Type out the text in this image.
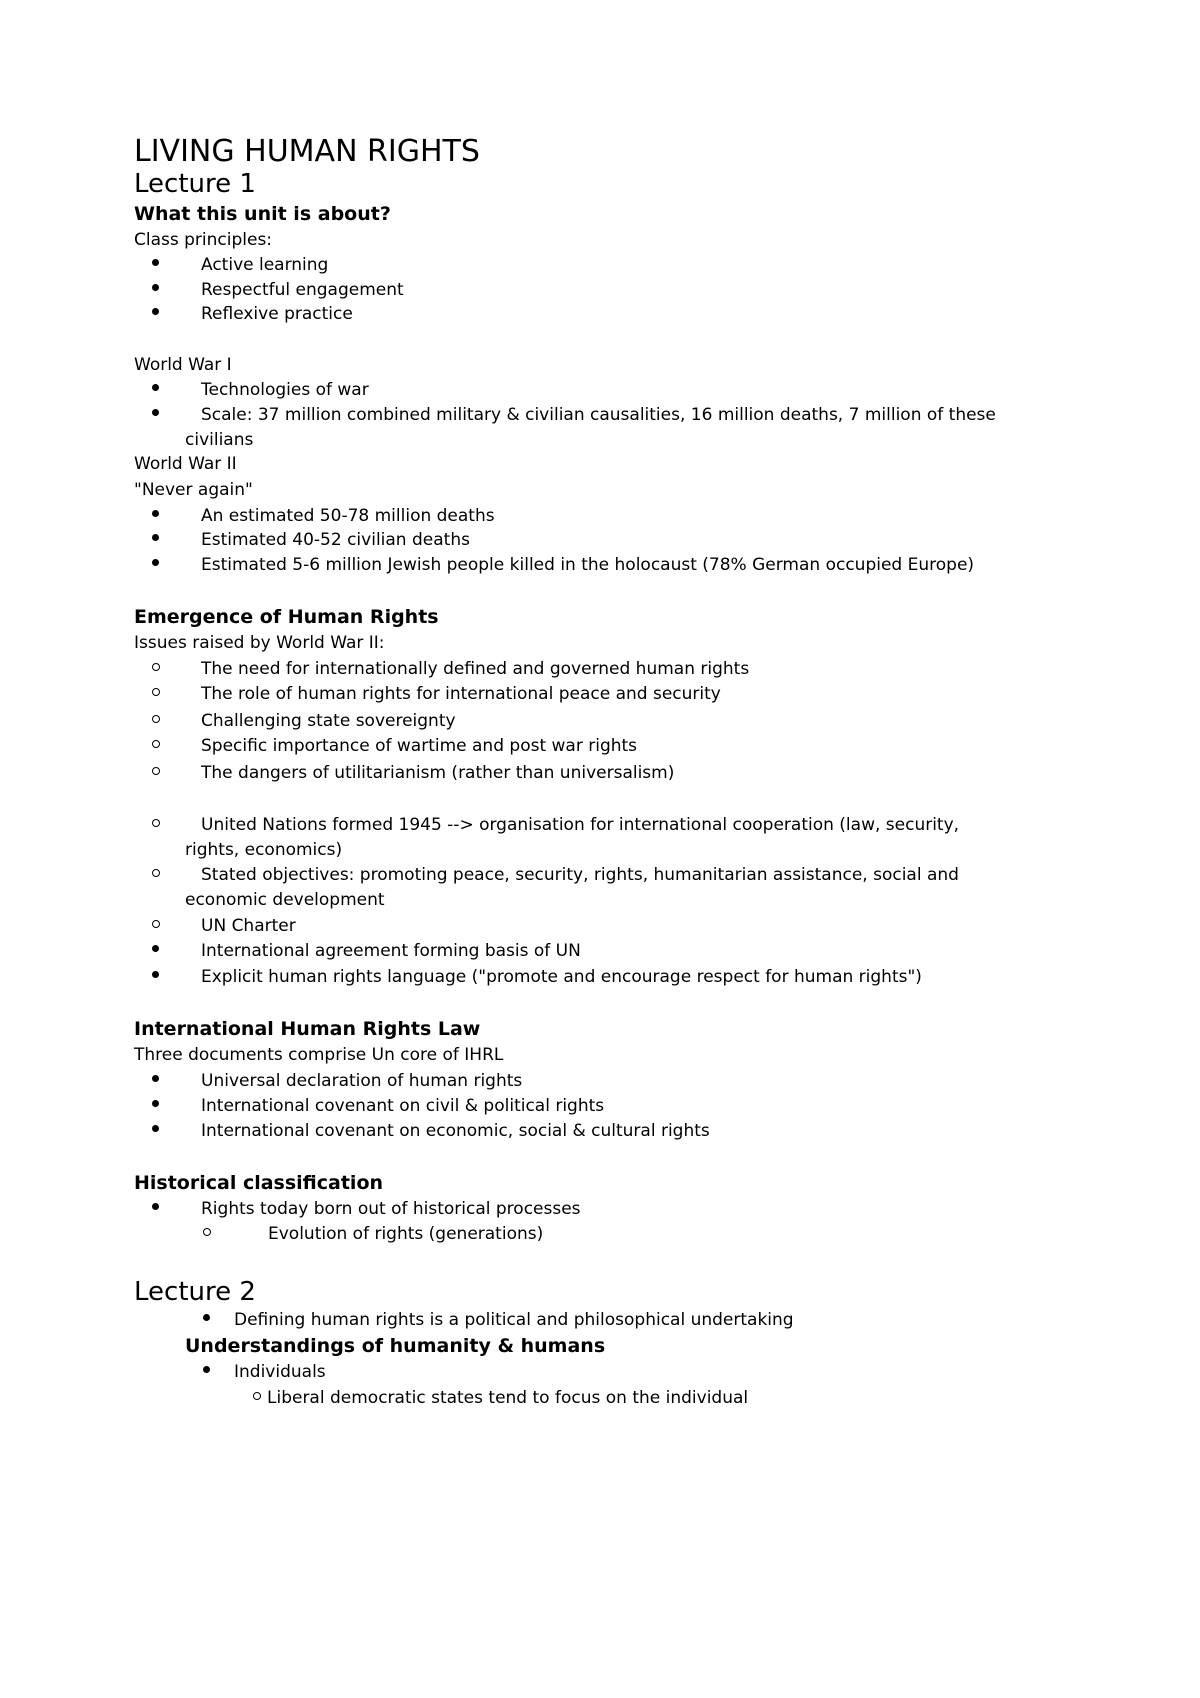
LIVING HUMAN RIGHTS
Lecture 1
What this unit is about?
Class principles:
Active learning
Respectful engagement
Reflexive practice
World War I
Technologies of war
Scale: 37 million combined military & civilian causalities, 16 million deaths, 7 million of these
civilians
World War II
"Never again"
An estimated 50-78 million deaths
Estimated 40-52 civilian deaths
Estimated 5-6 million Jewish people killed in the holocaust (78% German occupied Europe)
Emergence of Human Rights
Issues raised by World War II:
The need for internationally defined and governed human rights
The role of human rights for international peace and security
Challenging state sovereignty
Specific importance of wartime and post war rights
The dangers of utilitarianism (rather than universalism)
United Nations formed 1945 --> organisation for international cooperation (law, security,
rights, economics)
Stated objectives: promoting peace, security, rights, humanitarian assistance, social and
economic development
UN Charter
International agreement forming basis of UN
Explicit human rights language ("promote and encourage respect for human rights")
International Human Rights Law
Three documents comprise Un core of IHRL
Universal declaration of human rights
International covenant on civil & political rights
International covenant on economic, social & cultural rights
Historical classification
Rights today born out of historical processes
Evolution of rights (generations)
Lecture 2
Defining human rights is a political and philosophical undertaking
Understandings of humanity & humans
Individuals
Liberal democratic states tend to focus on the individual
